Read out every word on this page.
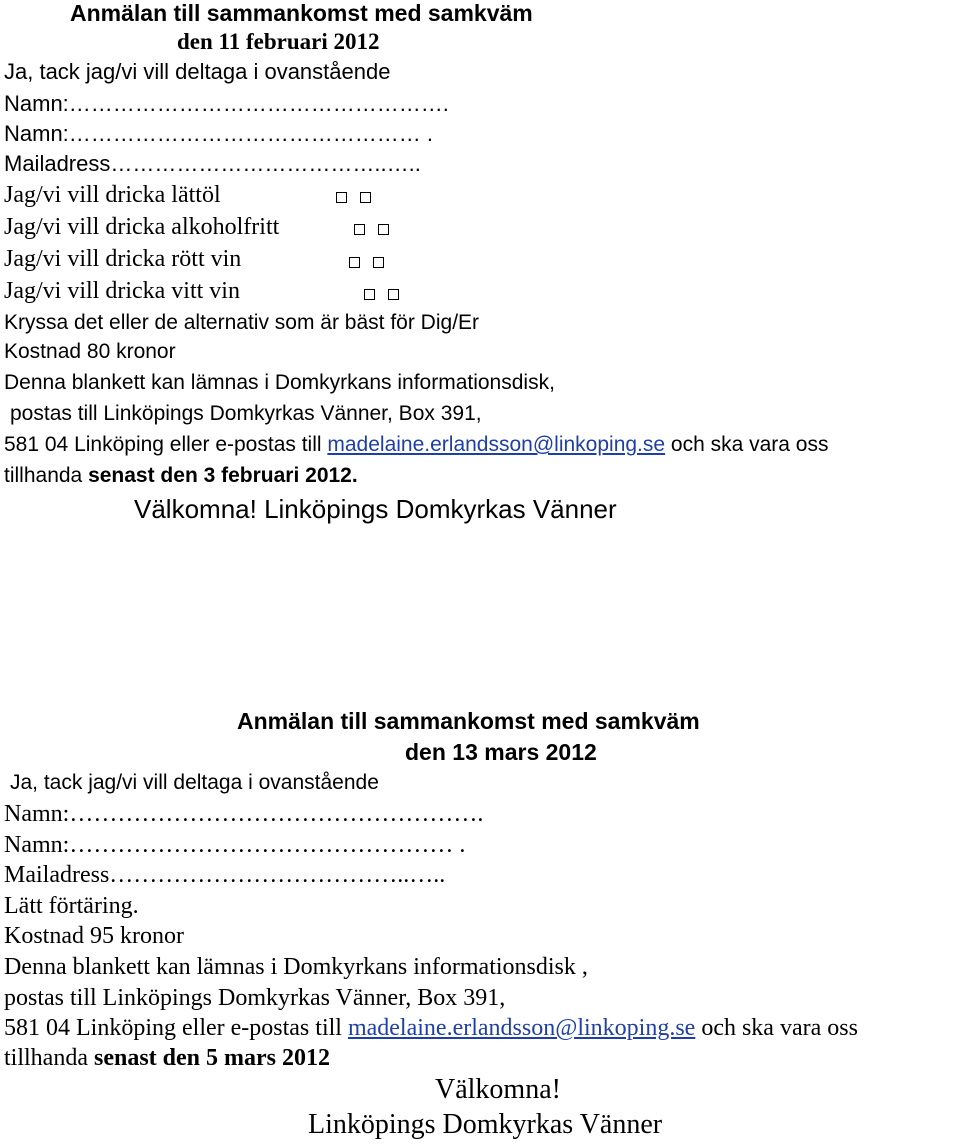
Anmälan till sammankomst med samkväm
den 11 februari 2012
Ja, tack jag/vi vill deltaga i ovanstående
Namn:…………………………………………….
Namn:………………………………………… .
Mailadress………………………………..…..
Jag/vi vill dricka lättöl
Jag/vi vill dricka alkoholfritt
Jag/vi vill dricka rött vin
Jag/vi vill dricka vitt vin
Kryssa det eller de alternativ som är bäst för Dig/Er
Kostnad 80 kronor
Denna blankett kan lämnas i Domkyrkans informationsdisk,
postas till Linköpings Domkyrkas Vänner, Box 391,
581 04 Linköping eller e-postas till madelaine.erlandsson@linkoping.se och ska vara oss
tillhanda senast den 3 februari 2012.
Välkomna! Linköpings Domkyrkas Vänner
Anmälan till sammankomst med samkväm
den 13 mars 2012
Ja, tack jag/vi vill deltaga i ovanstående
Namn:…………………………………………….
Namn:………………………………………… .
Mailadress………………………………..…..
Lätt förtäring.
Kostnad 95 kronor
Denna blankett kan lämnas i Domkyrkans informationsdisk ,
postas till Linköpings Domkyrkas Vänner, Box 391,
581 04 Linköping eller e-postas till madelaine.erlandsson@linkoping.se och ska vara oss
tillhanda senast den 5 mars 2012
Välkomna!
Linköpings Domkyrkas Vänner
